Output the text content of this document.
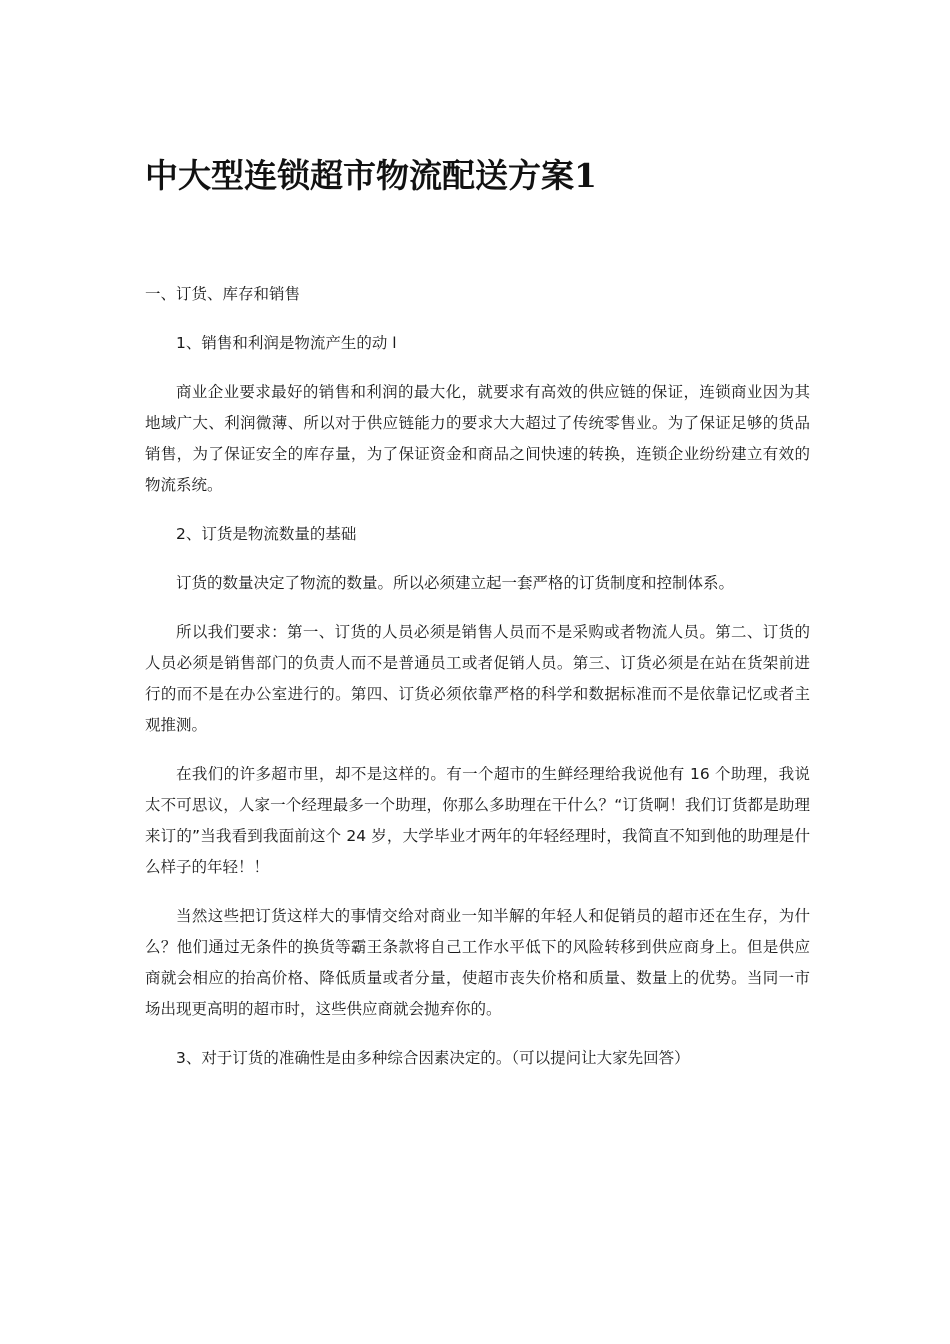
中大型连锁超市物流配送方案1

一、订货、库存和销售

1、销售和利润是物流产生的动 l

商业企业要求最好的销售和利润的最大化，就要求有高效的供应链的保证，连锁商业因为其地域广大、利润微薄、所以对于供应链能力的要求大大超过了传统零售业。为了保证足够的货品销售，为了保证安全的库存量，为了保证资金和商品之间快速的转换，连锁企业纷纷建立有效的物流系统。

2、订货是物流数量的基础

订货的数量决定了物流的数量。所以必须建立起一套严格的订货制度和控制体系。

所以我们要求：第一、订货的人员必须是销售人员而不是采购或者物流人员。第二、订货的人员必须是销售部门的负责人而不是普通员工或者促销人员。第三、订货必须是在站在货架前进行的而不是在办公室进行的。第四、订货必须依靠严格的科学和数据标准而不是依靠记忆或者主观推测。

在我们的许多超市里，却不是这样的。有一个超市的生鲜经理给我说他有 16 个助理，我说太不可思议，人家一个经理最多一个助理，你那么多助理在干什么？“订货啊！我们订货都是助理来订的”当我看到我面前这个 24 岁，大学毕业才两年的年轻经理时，我简直不知到他的助理是什么样子的年轻！！

当然这些把订货这样大的事情交给对商业一知半解的年轻人和促销员的超市还在生存，为什么？他们通过无条件的换货等霸王条款将自己工作水平低下的风险转移到供应商身上。但是供应商就会相应的抬高价格、降低质量或者分量，使超市丧失价格和质量、数量上的优势。当同一市场出现更高明的超市时，这些供应商就会抛弃你的。

3、对于订货的准确性是由多种综合因素决定的。（可以提问让大家先回答）
